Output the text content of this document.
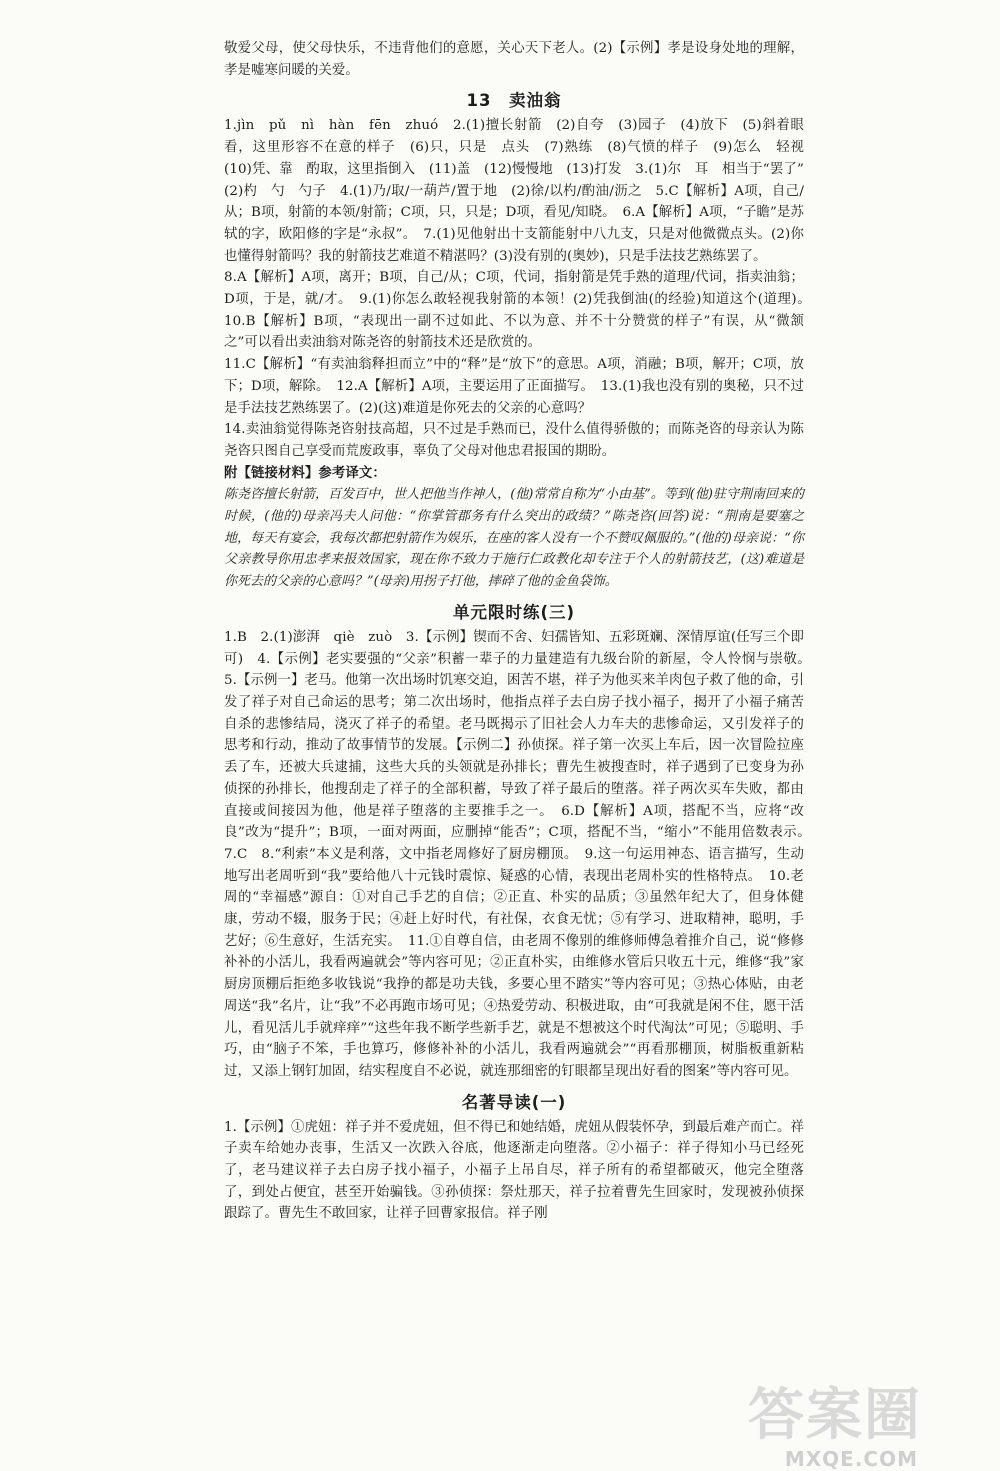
敬爱父母，使父母快乐，不违背他们的意愿，关心天下老人。(2)【示例】孝是设身处地的理解，孝是嘘寒问暖的关爱。

13　卖油翁

1.jìn　pǔ　nì　hàn　fēn　zhuó　2.(1)擅长射箭　(2)自夸　(3)园子　(4)放下　(5)斜着眼看，这里形容不在意的样子　(6)只，只是　点头　(7)熟练　(8)气愤的样子　(9)怎么　轻视　(10)凭、靠　酌取，这里指倒入　(11)盖　(12)慢慢地　(13)打发　3.(1)尔　耳　相当于“罢了”　(2)杓　勺　勺子　4.(1)乃/取/一葫芦/置于地　(2)徐/以杓/酌油/沥之　5.C【解析】A项，自己/从；B项，射箭的本领/射箭；C项，只，只是；D项，看见/知晓。　6.A【解析】A项，“子瞻”是苏轼的字，欧阳修的字是“永叔”。　7.(1)见他射出十支箭能射中八九支，只是对他微微点头。(2)你也懂得射箭吗？我的射箭技艺难道不精湛吗？(3)没有别的(奥妙)，只是手法技艺熟练罢了。

8.A【解析】A项，离开；B项，自己/从；C项，代词，指射箭是凭手熟的道理/代词，指卖油翁；D项，于是，就/才。　9.(1)你怎么敢轻视我射箭的本领！(2)凭我倒油(的经验)知道这个(道理)。　10.B【解析】B项，“表现出一副不过如此、不以为意、并不十分赞赏的样子”有误，从“微颔之”可以看出卖油翁对陈尧咨的射箭技术还是欣赏的。

11.C【解析】“有卖油翁释担而立”中的“释”是“放下”的意思。A项，消融；B项，解开；C项，放下；D项，解除。　12.A【解析】A项，主要运用了正面描写。　13.(1)我也没有别的奥秘，只不过是手法技艺熟练罢了。(2)(这)难道是你死去的父亲的心意吗？

14.卖油翁觉得陈尧咨射技高超，只不过是手熟而已，没什么值得骄傲的；而陈尧咨的母亲认为陈尧咨只图自己享受而荒废政事，辜负了父母对他忠君报国的期盼。

附【链接材料】参考译文：

陈尧咨擅长射箭，百发百中，世人把他当作神人，(他)常常自称为“小由基”。等到(他)驻守荆南回来的时候，(他的)母亲冯夫人问他：“你掌管郡务有什么突出的政绩？”陈尧咨(回答)说：“荆南是要塞之地，每天有宴会，我每次都把射箭作为娱乐，在座的客人没有一个不赞叹佩服的。”(他的)母亲说：“你父亲教导你用忠孝来报效国家，现在你不致力于施行仁政教化却专注于个人的射箭技艺，(这)难道是你死去的父亲的心意吗？”(母亲)用拐子打他，摔碎了他的金鱼袋饰。

单元限时练(三)

1.B　2.(1)澎湃　qiè　zuò　3.【示例】锲而不舍、妇孺皆知、五彩斑斓、深情厚谊(任写三个即可)　4.【示例】老实要强的“父亲”积蓄一辈子的力量建造有九级台阶的新屋，令人怜悯与崇敬。　5.【示例一】老马。他第一次出场时饥寒交迫，困苦不堪，祥子为他买来羊肉包子救了他的命，引发了祥子对自己命运的思考；第二次出场时，他指点祥子去白房子找小福子，揭开了小福子痛苦自杀的悲惨结局，浇灭了祥子的希望。老马既揭示了旧社会人力车夫的悲惨命运，又引发祥子的思考和行动，推动了故事情节的发展。【示例二】孙侦探。祥子第一次买上车后，因一次冒险拉座丢了车，还被大兵逮捕，这些大兵的头领就是孙排长；曹先生被搜查时，祥子遇到了已变身为孙侦探的孙排长，他搜刮走了祥子的全部积蓄，导致了祥子最后的堕落。祥子两次买车失败，都由直接或间接因为他，他是祥子堕落的主要推手之一。　6.D【解析】A项，搭配不当，应将“改良”改为“提升”；B项，一面对两面，应删掉“能否”；C项，搭配不当，“缩小”不能用倍数表示。　7.C　8.“利索”本义是利落，文中指老周修好了厨房棚顶。　9.这一句运用神态、语言描写，生动地写出老周听到“我”要给他八十元钱时震惊、疑惑的心情，表现出老周朴实的性格特点。　10.老周的“幸福感”源自：①对自己手艺的自信；②正直、朴实的品质；③虽然年纪大了，但身体健康，劳动不辍，服务于民；④赶上好时代，有社保，衣食无忧；⑤有学习、进取精神，聪明，手艺好；⑥生意好，生活充实。　11.①自尊自信，由老周不像别的维修师傅急着推介自己，说“修修补补的小活儿，我看两遍就会”等内容可见；②正直朴实，由维修水管后只收五十元，维修“我”家厨房顶棚后拒绝多收钱说“我挣的都是功夫钱，多要心里不踏实”等内容可见；③热心体贴，由老周送“我”名片，让“我”不必再跑市场可见；④热爱劳动、积极进取，由“可我就是闲不住，愿干活儿，看见活儿手就痒痒”“这些年我不断学些新手艺，就是不想被这个时代淘汰”可见；⑤聪明、手巧，由“脑子不笨，手也算巧，修修补补的小活儿，我看两遍就会”“再看那棚顶，树脂板重新粘过，又添上钢钉加固，结实程度自不必说，就连那细密的钉眼都呈现出好看的图案”等内容可见。

名著导读(一)

1.【示例】①虎妞：祥子并不爱虎妞，但不得已和她结婚，虎妞从假装怀孕，到最后难产而亡。祥子卖车给她办丧事，生活又一次跌入谷底，他逐渐走向堕落。②小福子：祥子得知小马已经死了，老马建议祥子去白房子找小福子，小福子上吊自尽，祥子所有的希望都破灭，他完全堕落了，到处占便宜，甚至开始骗钱。③孙侦探：祭灶那天，祥子拉着曹先生回家时，发现被孙侦探跟踪了。曹先生不敢回家，让祥子回曹家报信。祥子刚

答案圈
MXQE.COM
